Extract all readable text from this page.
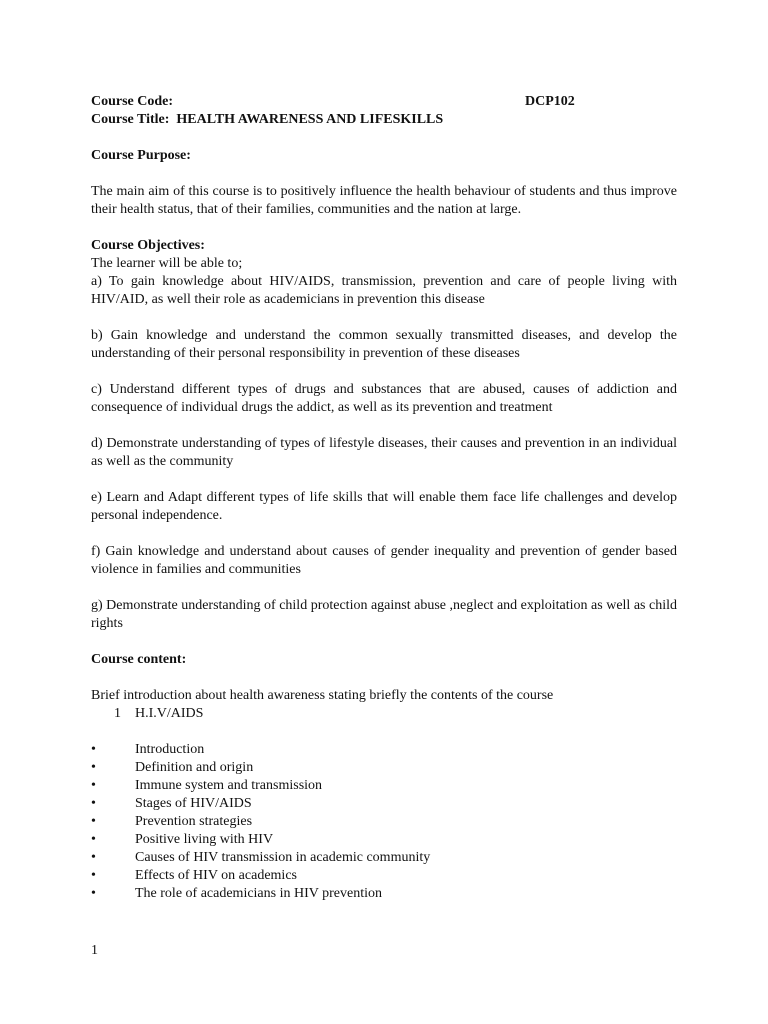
Course Code:	DCP102
Course Title: HEALTH AWARENESS AND LIFESKILLS
Course Purpose:
The main aim of this course is to positively influence the health behaviour of students and thus improve their health status, that of their families, communities and the nation at large.
Course Objectives:
The learner will be able to;
a) To gain knowledge about HIV/AIDS, transmission, prevention and care of people living with HIV/AID, as well their role as academicians in prevention this disease
b) Gain knowledge and understand the common sexually transmitted diseases, and develop the understanding of their personal responsibility in prevention of these diseases
c) Understand different types of drugs and substances that are abused, causes of addiction and consequence of individual drugs the addict, as well as its prevention and treatment
d) Demonstrate understanding of types of lifestyle diseases, their causes and prevention in an individual as well as the community
e) Learn and Adapt different types of life skills that will enable them face life challenges and develop personal independence.
f) Gain knowledge and understand about causes of gender inequality and prevention of gender based violence in families and communities
g) Demonstrate understanding of child protection against abuse ,neglect and exploitation as well as child rights
Course content:
Brief introduction about health awareness stating briefly the contents of the course
1	H.I.V/AIDS
•	Introduction
•	Definition and origin
•	Immune system and transmission
•	Stages of HIV/AIDS
•	Prevention strategies
•	Positive living with HIV
•	Causes of HIV transmission in academic community
•	Effects of HIV on academics
•	The role of academicians in HIV prevention
1
